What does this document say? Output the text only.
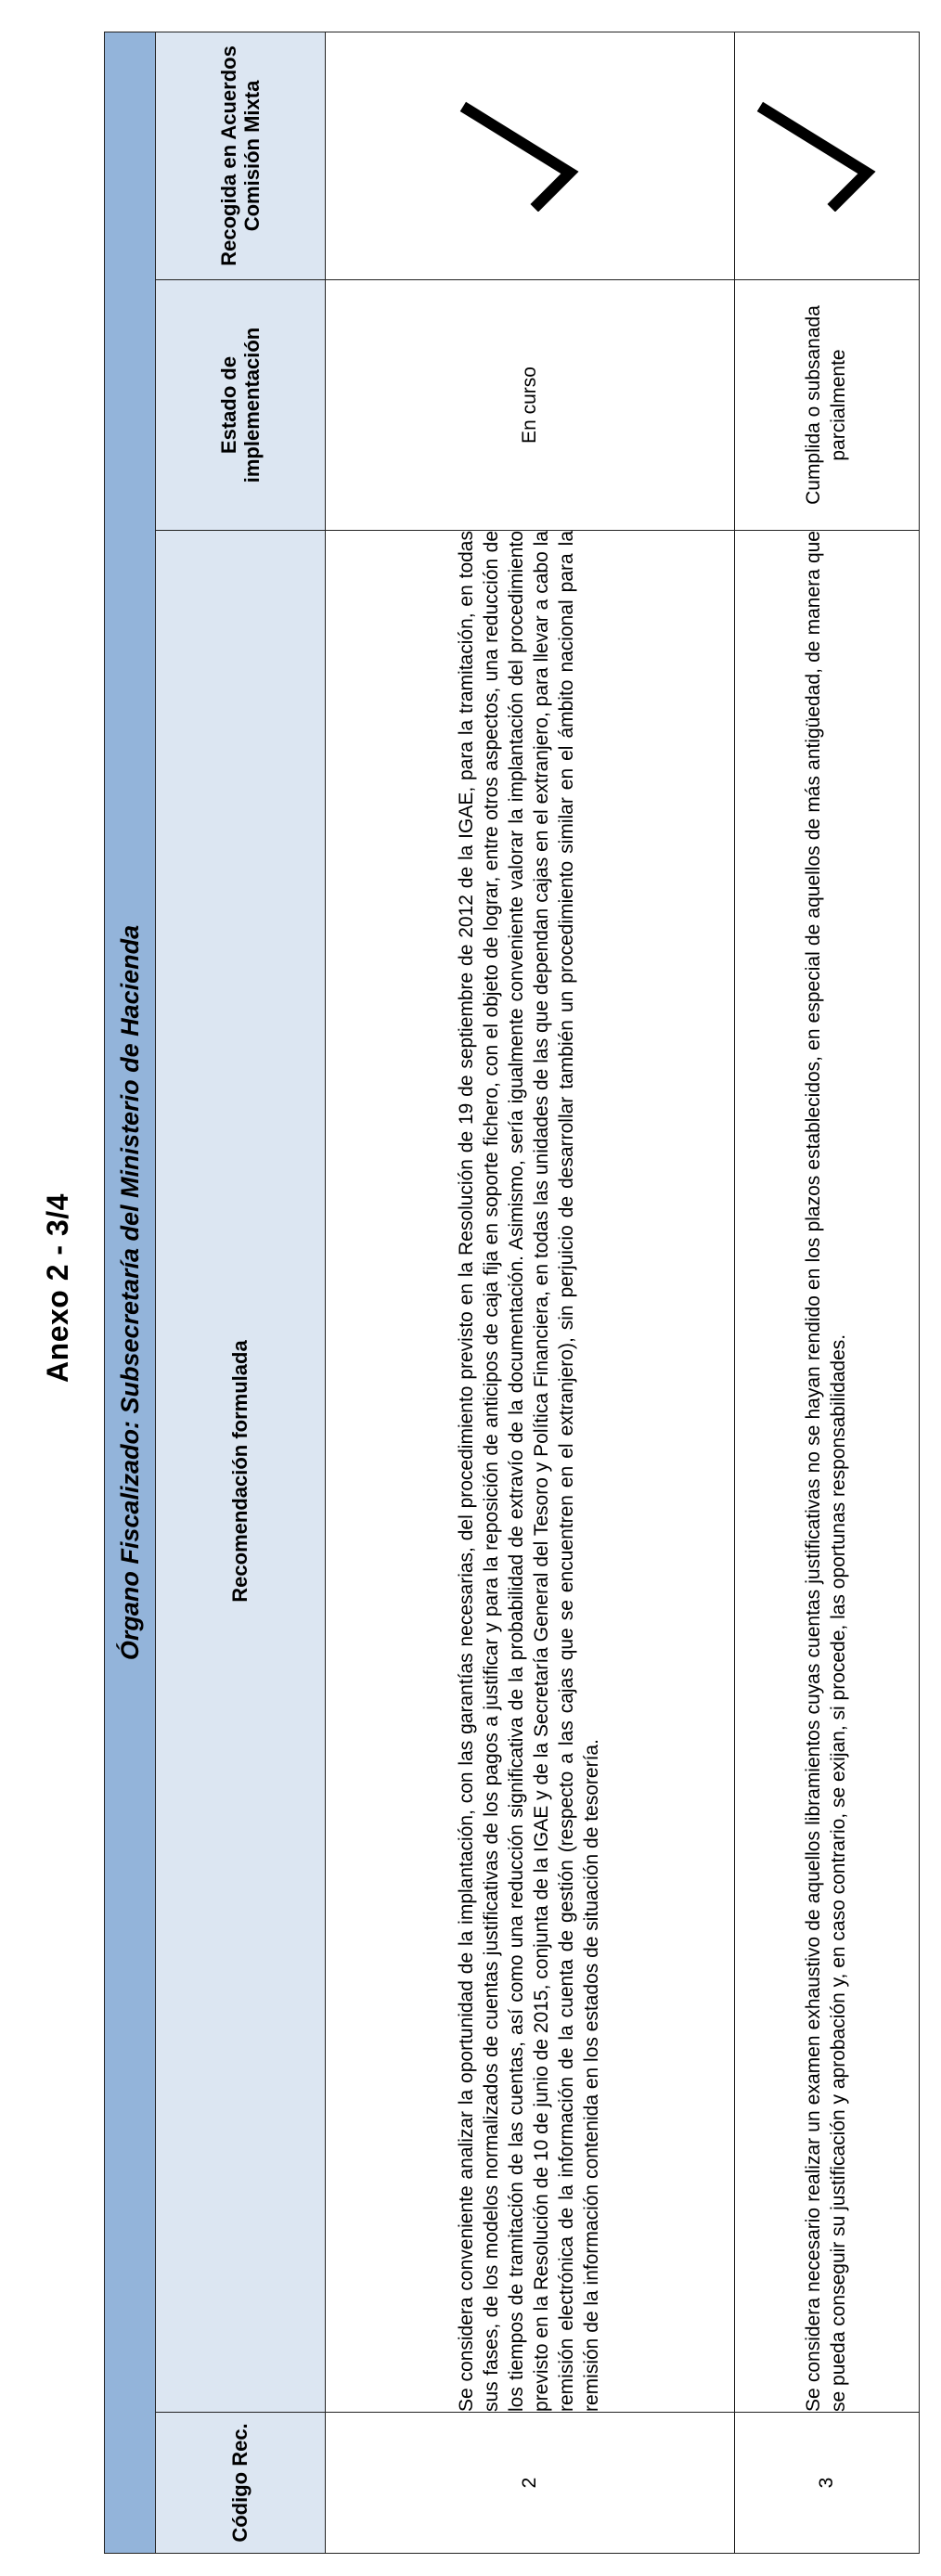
Anexo 2 - 3/4 Órgano Fiscalizado: Subsecretaría del Ministerio de Hacienda			
Código Rec.	Recomendación formulada	Estado de implementación	Recogida en Acuerdos Comisión Mixta
2	Se considera conveniente analizar la oportunidad de la implantación, con las garantías necesarias, del procedimiento previsto en la Resolución de 19 de septiembre de 2012 de la IGAE, para la tramitación, en todas sus fases, de los modelos normalizados de cuentas justificativas de los pagos a justificar y para la reposición de anticipos de caja fija en soporte fichero, con el objeto de lograr, entre otros aspectos, una reducción de los tiempos de tramitación de las cuentas, así como una reducción significativa de la probabilidad de extravío de la documentación. Asimismo, sería igualmente conveniente valorar la implantación del procedimiento previsto en la Resolución de 10 de junio de 2015, conjunta de la IGAE y de la Secretaría General del Tesoro y Política Financiera, en todas las unidades de las que dependan cajas en el extranjero, para llevar a cabo la remisión electrónica de la información de la cuenta de gestión (respecto a las cajas que se encuentren en el extranjero), sin perjuicio de desarrollar también un procedimiento similar en el ámbito nacional para la remisión de la información contenida en los estados de situación de tesorería.	En curso	
3	Se considera necesario realizar un examen exhaustivo de aquellos libramientos cuyas cuentas justificativas no se hayan rendido en los plazos establecidos, en especial de aquellos de más antigüedad, de manera que se pueda conseguir su justificación y aprobación y, en caso contrario, se exijan, si procede, las oportunas responsabilidades.	Cumplida o subsanada parcialmente	
